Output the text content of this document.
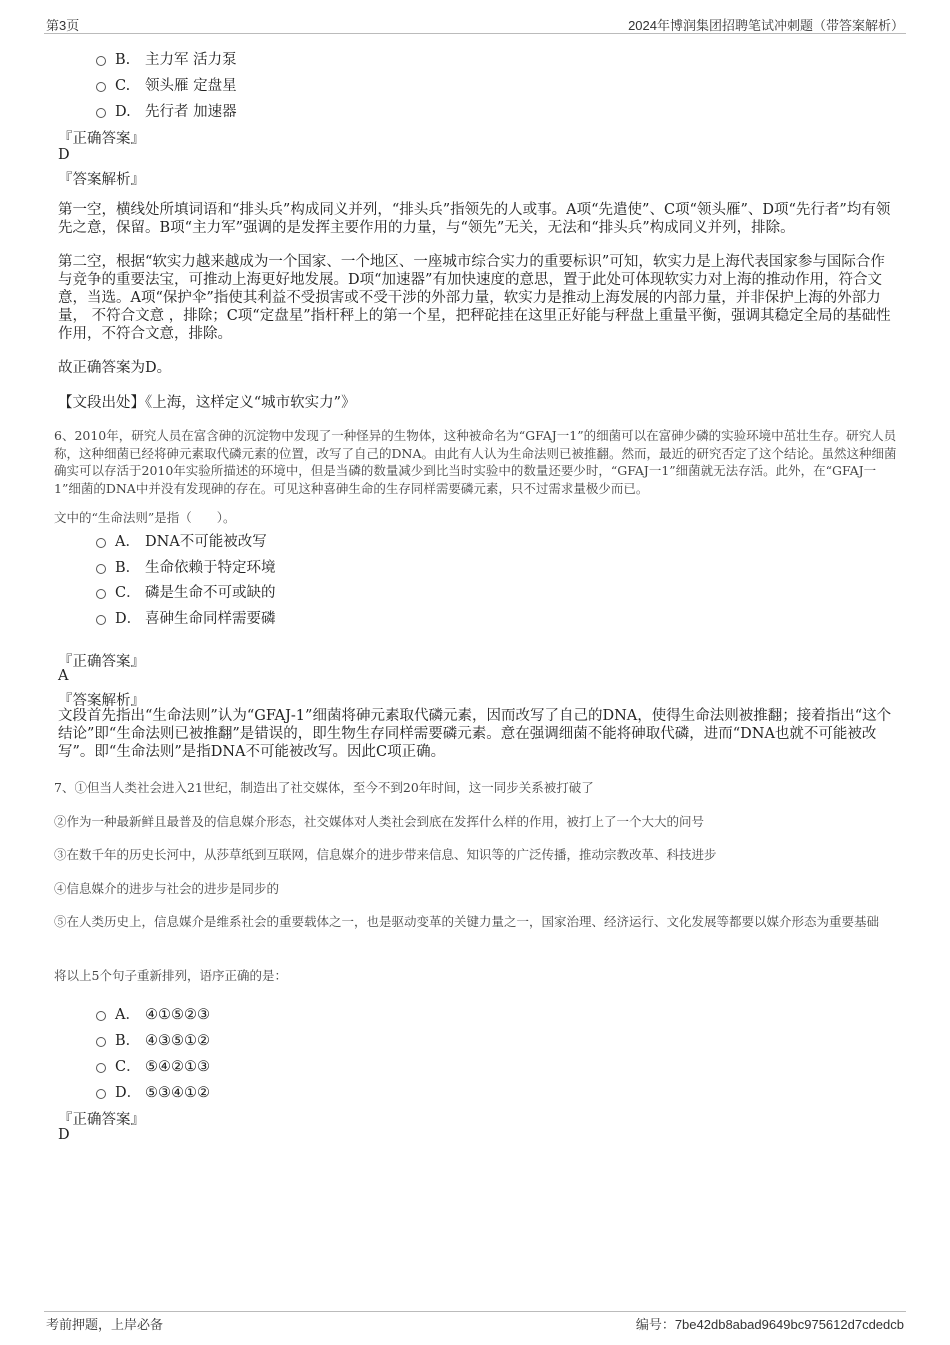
第3页	2024年博润集团招聘笔试冲刺题（带答案解析）
B. 主力军 活力泵
C. 领头雁 定盘星
D. 先行者 加速器
『正确答案』
D
『答案解析』
第一空，横线处所填词语和“排头兵”构成同义并列，“排头兵”指领先的人或事。A项“先遣使”、C项“领头雁”、D项“先行者”均有领先之意，保留。B项“主力军”强调的是发挥主要作用的力量，与“领先”无关，无法和“排头兵”构成同义并列，排除。
第二空，根据“软实力越来越成为一个国家、一个地区、一座城市综合实力的重要标识”可知，软实力是上海代表国家参与国际合作与竞争的重要法宝，可推动上海更好地发展。D项“加速器”有加快速度的意思，置于此处可体现软实力对上海的推动作用，符合文意，当选。A项“保护伞”指使其利益不受损害或不受干涉的外部力量，软实力是推动上海发展的内部力量，并非保护上海的外部力量， 不符合文意 ，排除；C项“定盘星”指杆秤上的第一个星，把秤砣挂在这里正好能与秤盘上重量平衡，强调其稳定全局的基础性作用，不符合文意，排除。
故正确答案为D。
【文段出处】《上海，这样定义“城市软实力”》
6、2010年，研究人员在富含砷的沉淀物中发现了一种怪异的生物体，这种被命名为“GFAJ一1”的细菌可以在富砷少磷的实验环境中茁壮生存。研究人员称，这种细菌已经将砷元素取代磷元素的位置，改写了自己的DNA。由此有人认为生命法则已被推翻。然而，最近的研究否定了这个结论。虽然这种细菌确实可以存活于2010年实验所描述的环境中，但是当磷的数量减少到比当时实验中的数量还要少时，“GFAJ一1”细菌就无法存活。此外，在“GFAJ一1”细菌的DNA中并没有发现砷的存在。可见这种喜砷生命的生存同样需要磷元素，只不过需求量极少而已。
文中的“生命法则”是指（　　）。
A． DNA不可能被改写
B． 生命依赖于特定环境
C． 磷是生命不可或缺的
D． 喜砷生命同样需要磷
『正确答案』
A
『答案解析』
文段首先指出“生命法则”认为“GFAJ-1”细菌将砷元素取代磷元素，因而改写了自己的DNA，使得生命法则被推翻；接着指出“这个结论”即“生命法则已被推翻”是错误的，即生物生存同样需要磷元素。意在强调细菌不能将砷取代磷，进而“DNA也就不可能被改写”。即“生命法则”是指DNA不可能被改写。因此C项正确。
7、①但当人类社会进入21世纪，制造出了社交媒体，至今不到20年时间，这一同步关系被打破了
②作为一种最新鲜且最普及的信息媒介形态，社交媒体对人类社会到底在发挥什么样的作用，被打上了一个大大的问号
③在数千年的历史长河中，从莎草纸到互联网，信息媒介的进步带来信息、知识等的广泛传播，推动宗教改革、科技进步
④信息媒介的进步与社会的进步是同步的
⑤在人类历史上，信息媒介是维系社会的重要载体之一，也是驱动变革的关键力量之一，国家治理、经济运行、文化发展等都要以媒介形态为重要基础
将以上5个句子重新排列，语序正确的是：
A． ④①⑤②③
B． ④③⑤①②
C． ⑤④②①③
D． ⑤③④①②
『正确答案』
D
考前押题，上岸必备	编号：7be42db8abad9649bc975612d7cdedcb
